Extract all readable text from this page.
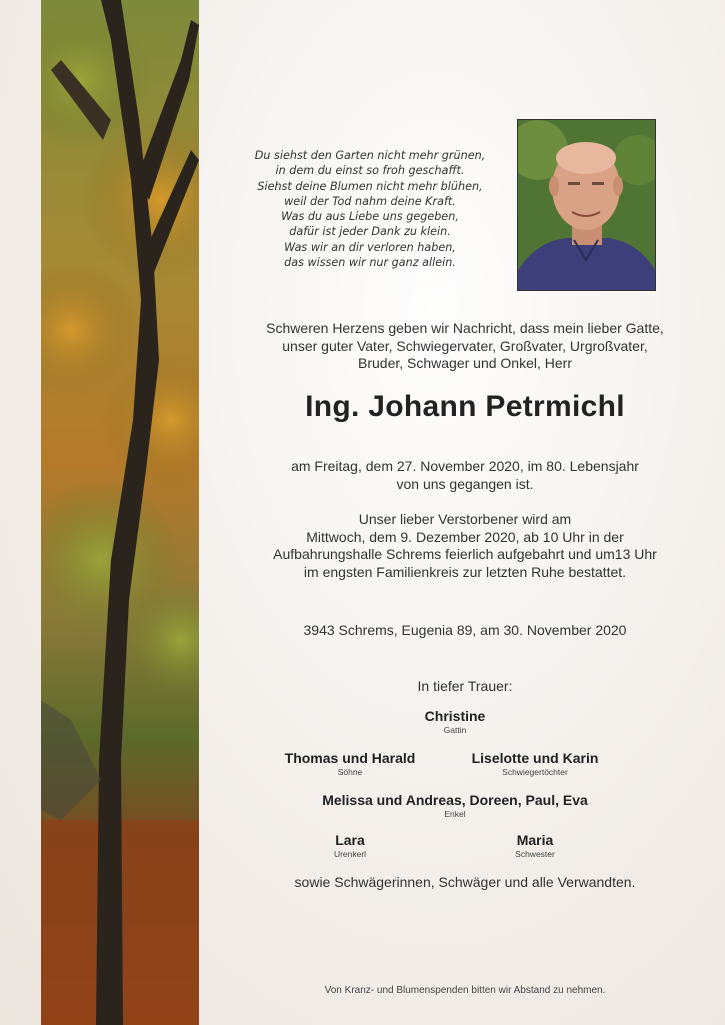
Du siehst den Garten nicht mehr grünen,
in dem du einst so froh geschafft.
Siehst deine Blumen nicht mehr blühen,
weil der Tod nahm deine Kraft.
Was du aus Liebe uns gegeben,
dafür ist jeder Dank zu klein.
Was wir an dir verloren haben,
das wissen wir nur ganz allein.
Schweren Herzens geben wir Nachricht, dass mein lieber Gatte,
unser guter Vater, Schwiegervater, Großvater, Urgroßvater,
Bruder, Schwager und Onkel, Herr
Ing. Johann Petrmichl
am Freitag, dem 27. November 2020, im 80. Lebensjahr
von uns gegangen ist.
Unser lieber Verstorbener wird am
Mittwoch, dem 9. Dezember 2020, ab 10 Uhr in der
Aufbahrungshalle Schrems feierlich aufgebahrt und um13 Uhr
im engsten Familienkreis zur letzten Ruhe bestattet.
3943 Schrems, Eugenia 89, am 30. November 2020
In tiefer Trauer:
Christine
Gattin
Thomas und Harald
Söhne
Liselotte und Karin
Schwiegertöchter
Melissa und Andreas, Doreen, Paul, Eva
Enkel
Lara
Urenkerl
Maria
Schwester
sowie Schwägerinnen, Schwäger und alle Verwandten.
Von Kranz- und Blumenspenden bitten wir Abstand zu nehmen.
